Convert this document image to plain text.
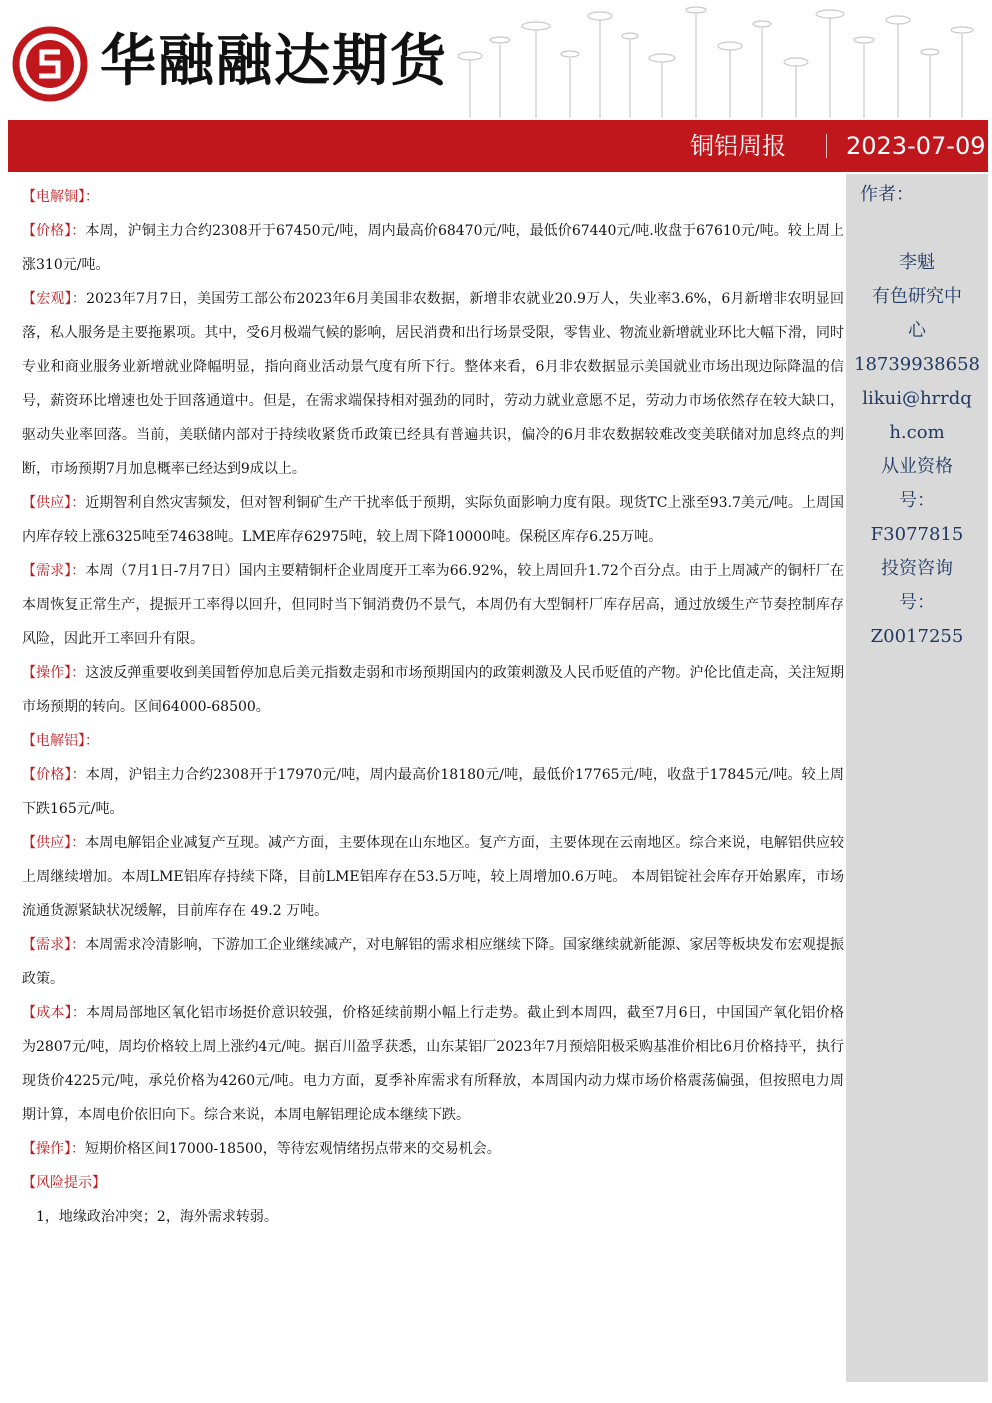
华融融达期货
铜铝周报	2023-07-09
作者：
李魁
有色研究中
心
18739938658
likui@hrrdq
h.com
从业资格
号：
F3077815
投资咨询
号：
Z0017255

【电解铜】：

【价格】：本周，沪铜主力合约2308开于67450元/吨，周内最高价68470元/吨，最低价67440元/吨.收盘于67610元/吨。较上周上涨310元/吨。

【宏观】：2023年7月7日，美国劳工部公布2023年6月美国非农数据，新增非农就业20.9万人，失业率3.6%，6月新增非农明显回落，私人服务是主要拖累项。其中，受6月极端气候的影响，居民消费和出行场景受限，零售业、物流业新增就业环比大幅下滑，同时专业和商业服务业新增就业降幅明显，指向商业活动景气度有所下行。整体来看，6月非农数据显示美国就业市场出现边际降温的信号，薪资环比增速也处于回落通道中。但是，在需求端保持相对强劲的同时，劳动力就业意愿不足，劳动力市场依然存在较大缺口，驱动失业率回落。当前，美联储内部对于持续收紧货币政策已经具有普遍共识，偏冷的6月非农数据较难改变美联储对加息终点的判断，市场预期7月加息概率已经达到9成以上。

【供应】：近期智利自然灾害频发，但对智利铜矿生产干扰率低于预期，实际负面影响力度有限。现货TC上涨至93.7美元/吨。上周国内库存较上涨6325吨至74638吨。LME库存62975吨，较上周下降10000吨。保税区库存6.25万吨。

【需求】：本周（7月1日-7月7日）国内主要精铜杆企业周度开工率为66.92%，较上周回升1.72个百分点。由于上周减产的铜杆厂在本周恢复正常生产，提振开工率得以回升，但同时当下铜消费仍不景气，本周仍有大型铜杆厂库存居高，通过放缓生产节奏控制库存风险，因此开工率回升有限。

【操作】：这波反弹重要收到美国暂停加息后美元指数走弱和市场预期国内的政策刺激及人民币贬值的产物。沪伦比值走高，关注短期市场预期的转向。区间64000-68500。

【电解铝】：

【价格】：本周，沪铝主力合约2308开于17970元/吨，周内最高价18180元/吨，最低价17765元/吨，收盘于17845元/吨。较上周下跌165元/吨。

【供应】：本周电解铝企业减复产互现。减产方面，主要体现在山东地区。复产方面，主要体现在云南地区。综合来说，电解铝供应较上周继续增加。本周LME铝库存持续下降，目前LME铝库存在53.5万吨，较上周增加0.6万吨。 本周铝锭社会库存开始累库，市场流通货源紧缺状况缓解，目前库存在 49.2 万吨。

【需求】：本周需求冷清影响，下游加工企业继续减产，对电解铝的需求相应继续下降。国家继续就新能源、家居等板块发布宏观提振政策。

【成本】：本周局部地区氧化铝市场挺价意识较强，价格延续前期小幅上行走势。截止到本周四，截至7月6日，中国国产氧化铝价格为2807元/吨，周均价格较上周上涨约4元/吨。据百川盈孚获悉，山东某铝厂2023年7月预焙阳极采购基准价相比6月价格持平，执行现货价4225元/吨，承兑价格为4260元/吨。电力方面，夏季补库需求有所释放，本周国内动力煤市场价格震荡偏强，但按照电力周期计算，本周电价依旧向下。综合来说，本周电解铝理论成本继续下跌。

【操作】：短期价格区间17000-18500，等待宏观情绪拐点带来的交易机会。

【风险提示】

1，地缘政治冲突；2，海外需求转弱。
